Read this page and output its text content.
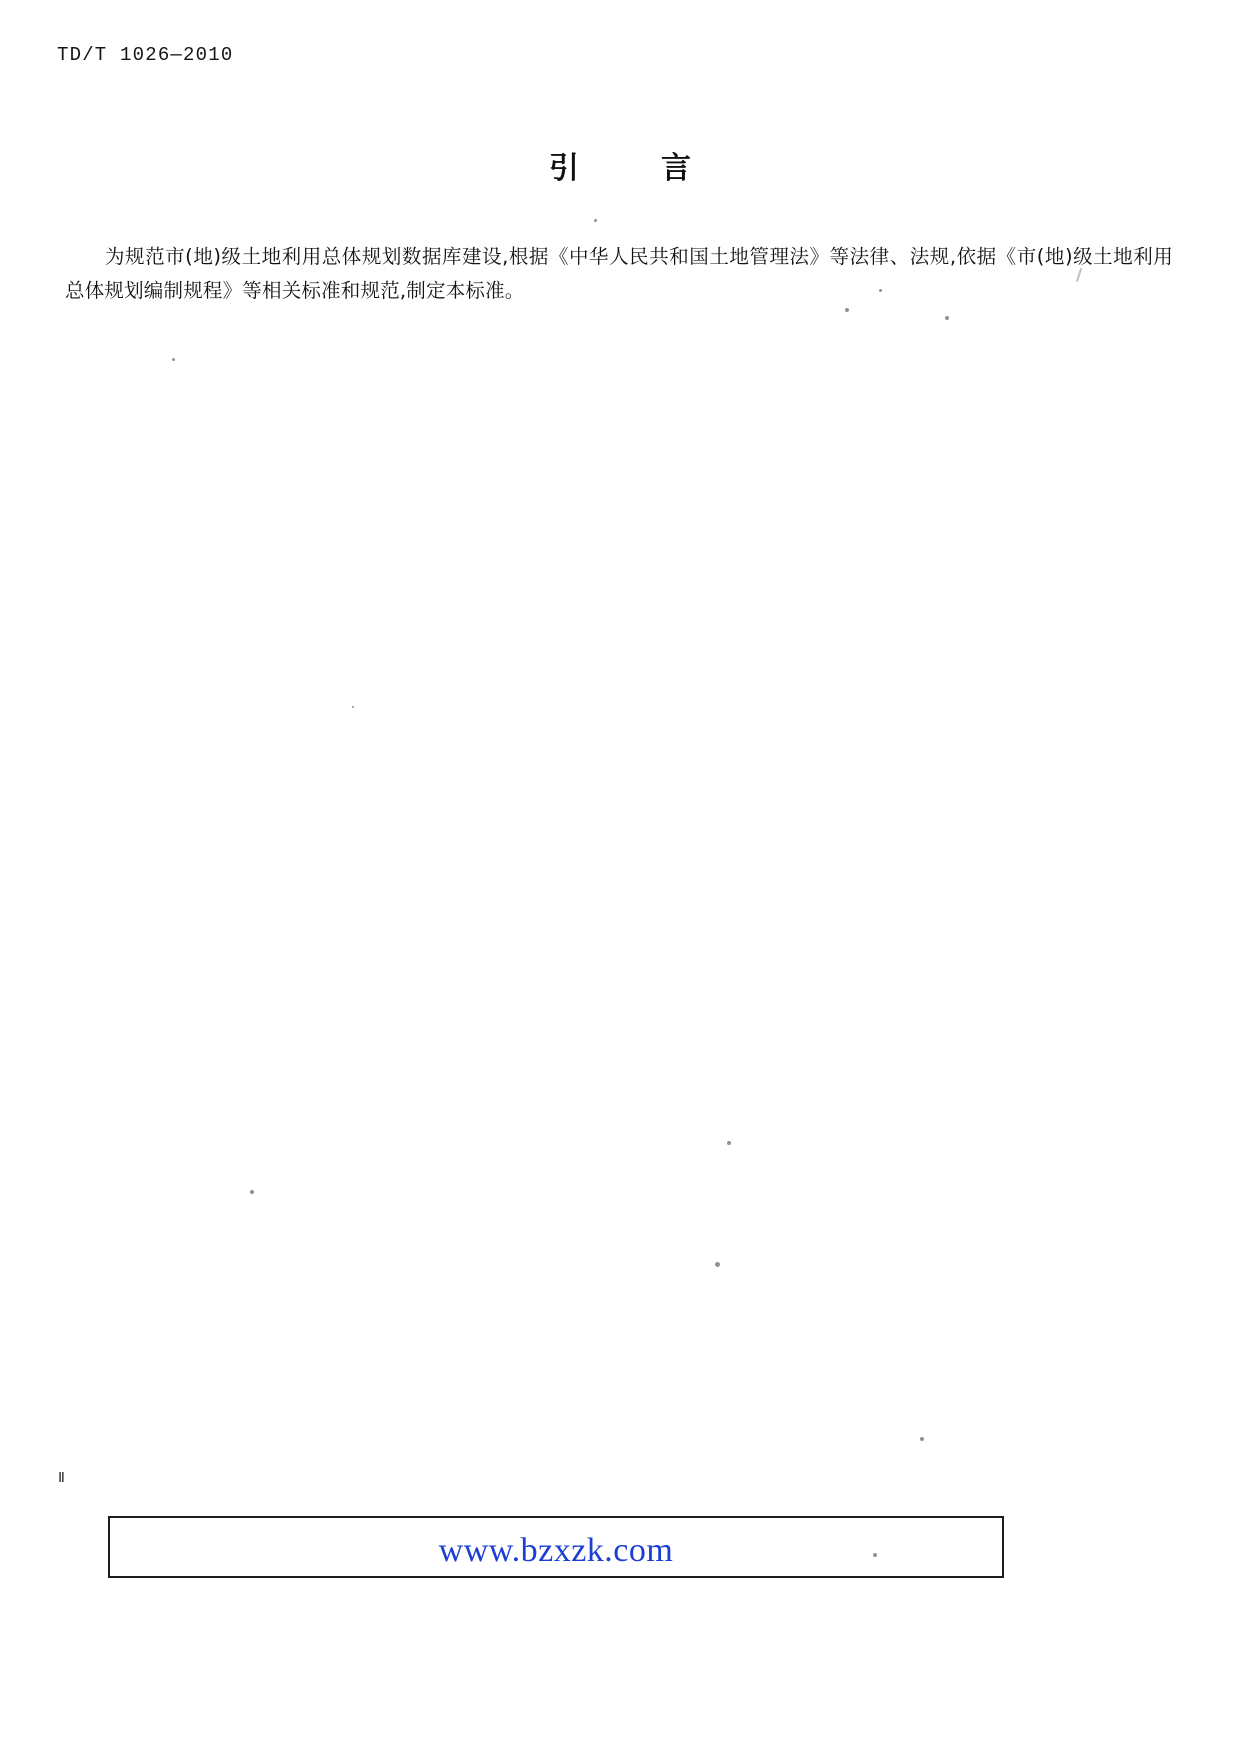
TD/T 1026—2010
引　言

为规范市(地)级土地利用总体规划数据库建设,根据《中华人民共和国土地管理法》等法律、法规,依据《市(地)级土地利用总体规划编制规程》等相关标准和规范,制定本标准。

Ⅱ
www.bzxzk.com
